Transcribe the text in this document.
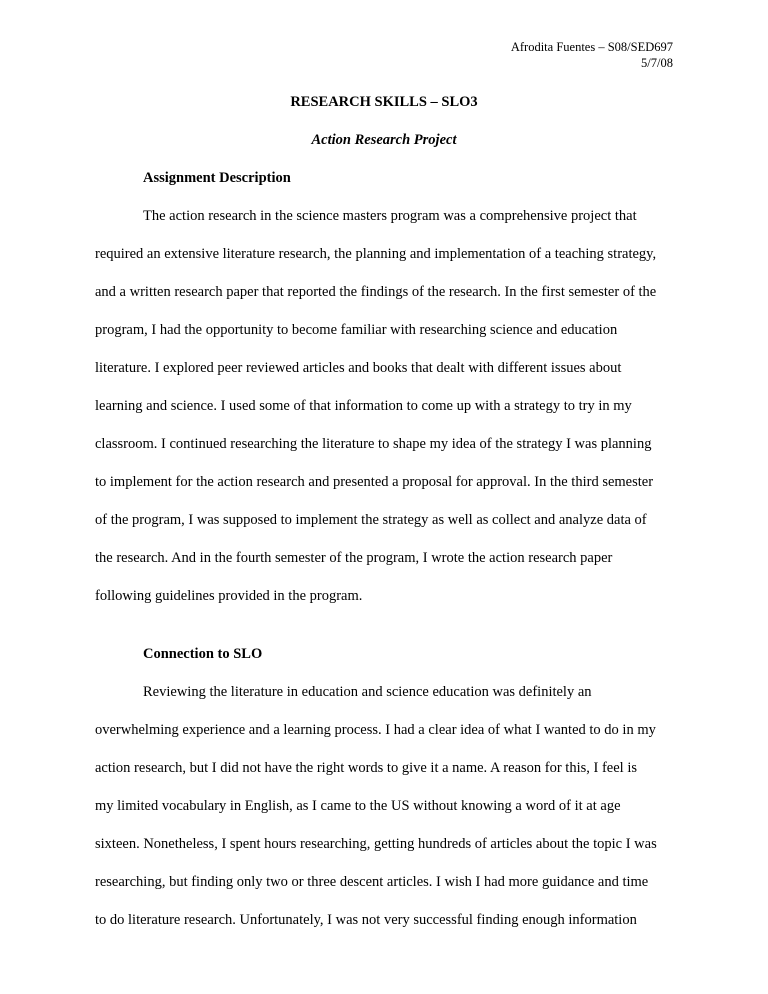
Afrodita Fuentes – S08/SED697
5/7/08
RESEARCH SKILLS – SLO3
Action Research Project
Assignment Description
The action research in the science masters program was a comprehensive project that
required an extensive literature research, the planning and implementation of a teaching strategy,
and a written research paper that reported the findings of the research. In the first semester of the
program, I had the opportunity to become familiar with researching science and education
literature. I explored peer reviewed articles and books that dealt with different issues about
learning and science. I used some of that information to come up with a strategy to try in my
classroom. I continued researching the literature to shape my idea of the strategy I was planning
to implement for the action research and presented a proposal for approval. In the third semester
of the program, I was supposed to implement the strategy as well as collect and analyze data of
the research. And in the fourth semester of the program, I wrote the action research paper
following guidelines provided in the program.
Connection to SLO
Reviewing the literature in education and science education was definitely an
overwhelming experience and a learning process. I had a clear idea of what I wanted to do in my
action research, but I did not have the right words to give it a name. A reason for this, I feel is
my limited vocabulary in English, as I came to the US without knowing a word of it at age
sixteen. Nonetheless, I spent hours researching, getting hundreds of articles about the topic I was
researching, but finding only two or three descent articles. I wish I had more guidance and time
to do literature research. Unfortunately, I was not very successful finding enough information
